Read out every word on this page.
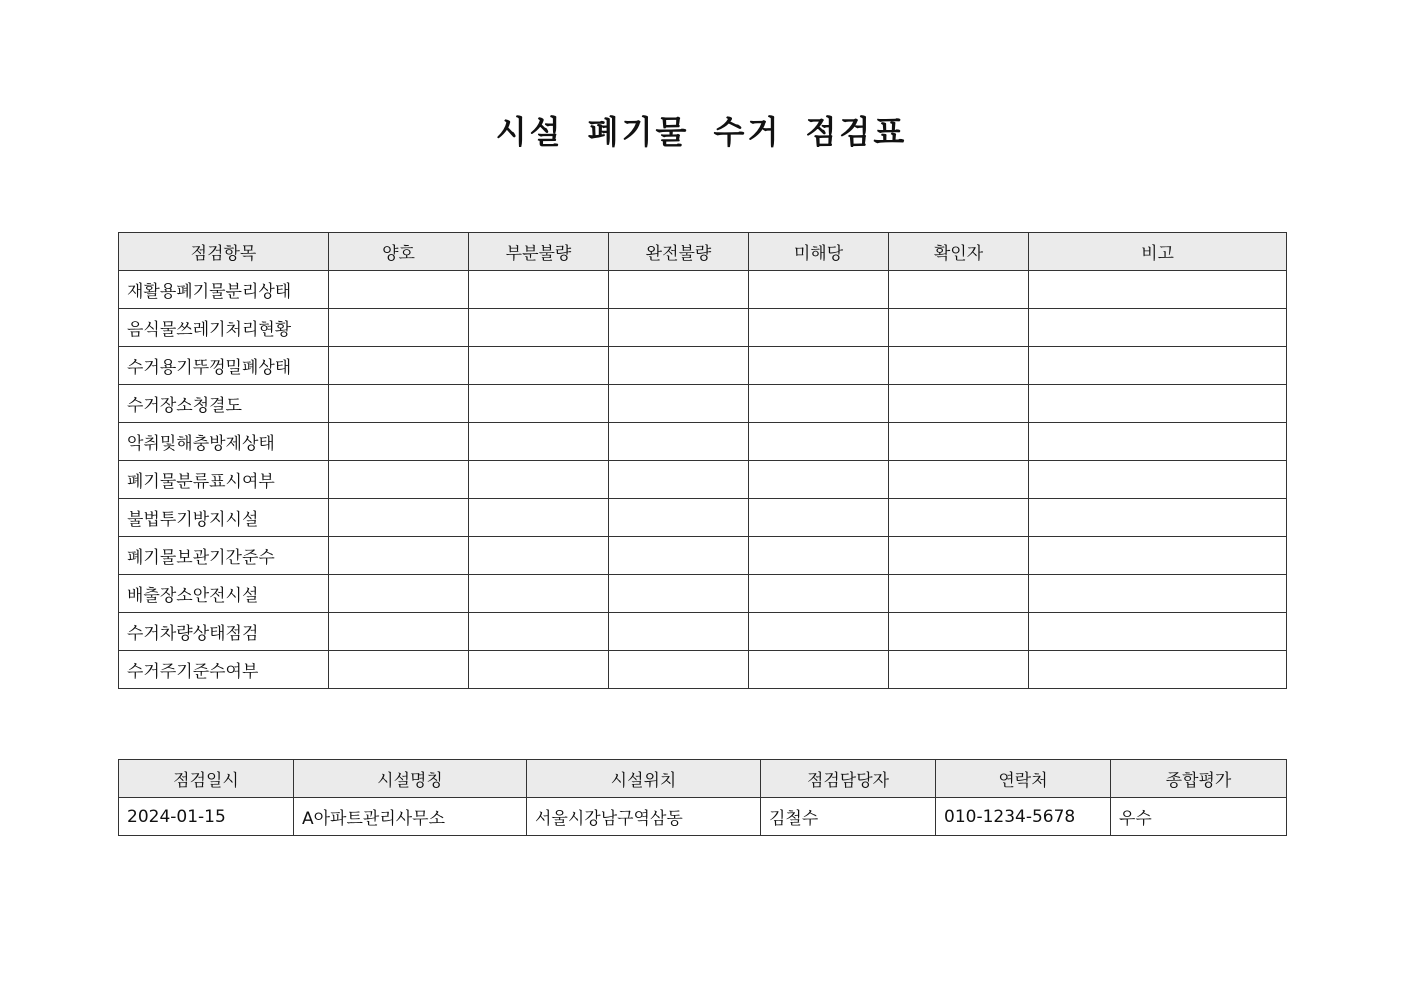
시설 폐기물 수거 점검표
점검항목	양호	부분불량	완전불량	미해당	확인자	비고
재활용폐기물분리상태						
음식물쓰레기처리현황						
수거용기뚜껑밀폐상태						
수거장소청결도						
악취및해충방제상태						
폐기물분류표시여부						
불법투기방지시설						
폐기물보관기간준수						
배출장소안전시설						
수거차량상태점검						
수거주기준수여부						
점검일시	시설명칭	시설위치	점검담당자	연락처	종합평가
2024-01-15	A아파트관리사무소	서울시강남구역삼동	김철수	010-1234-5678	우수
